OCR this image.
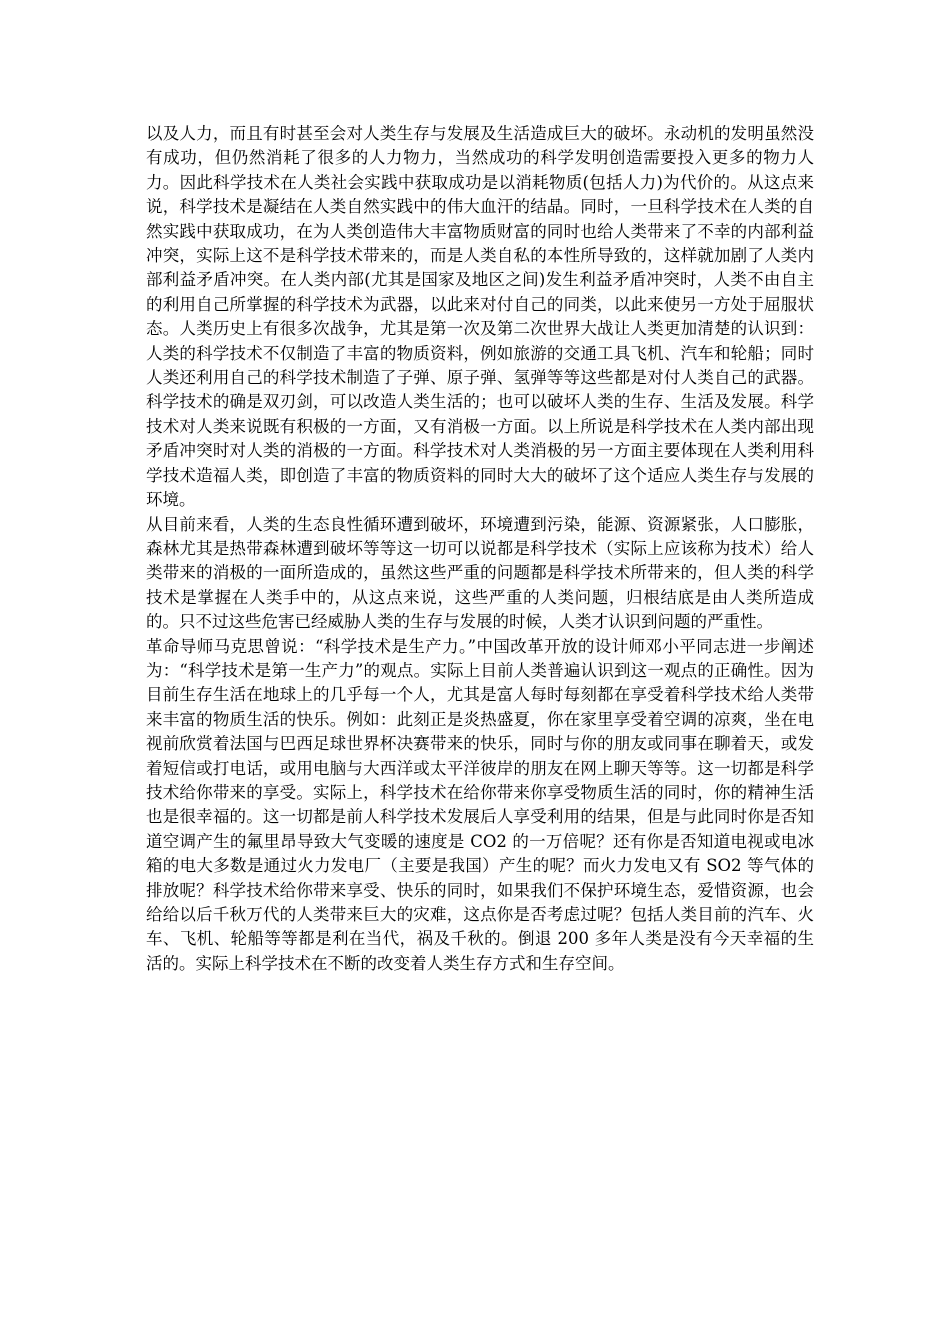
以及人力，而且有时甚至会对人类生存与发展及生活造成巨大的破坏。永动机的发明虽然没有成功，但仍然消耗了很多的人力物力，当然成功的科学发明创造需要投入更多的物力人力。因此科学技术在人类社会实践中获取成功是以消耗物质(包括人力)为代价的。从这点来说，科学技术是凝结在人类自然实践中的伟大血汗的结晶。同时，一旦科学技术在人类的自然实践中获取成功，在为人类创造伟大丰富物质财富的同时也给人类带来了不幸的内部利益冲突，实际上这不是科学技术带来的，而是人类自私的本性所导致的，这样就加剧了人类内部利益矛盾冲突。在人类内部(尤其是国家及地区之间)发生利益矛盾冲突时，人类不由自主的利用自己所掌握的科学技术为武器，以此来对付自己的同类，以此来使另一方处于屈服状态。人类历史上有很多次战争，尤其是第一次及第二次世界大战让人类更加清楚的认识到：人类的科学技术不仅制造了丰富的物质资料，例如旅游的交通工具飞机、汽车和轮船；同时人类还利用自己的科学技术制造了子弹、原子弹、氢弹等等这些都是对付人类自己的武器。科学技术的确是双刃剑，可以改造人类生活的；也可以破坏人类的生存、生活及发展。科学技术对人类来说既有积极的一方面，又有消极一方面。以上所说是科学技术在人类内部出现矛盾冲突时对人类的消极的一方面。科学技术对人类消极的另一方面主要体现在人类利用科学技术造福人类，即创造了丰富的物质资料的同时大大的破坏了这个适应人类生存与发展的环境。

从目前来看，人类的生态良性循环遭到破坏，环境遭到污染，能源、资源紧张，人口膨胀，森林尤其是热带森林遭到破坏等等这一切可以说都是科学技术（实际上应该称为技术）给人类带来的消极的一面所造成的，虽然这些严重的问题都是科学技术所带来的，但人类的科学技术是掌握在人类手中的，从这点来说，这些严重的人类问题，归根结底是由人类所造成的。只不过这些危害已经威胁人类的生存与发展的时候，人类才认识到问题的严重性。

革命导师马克思曾说：“科学技术是生产力。”中国改革开放的设计师邓小平同志进一步阐述为：“科学技术是第一生产力”的观点。实际上目前人类普遍认识到这一观点的正确性。因为目前生存生活在地球上的几乎每一个人，尤其是富人每时每刻都在享受着科学技术给人类带来丰富的物质生活的快乐。例如：此刻正是炎热盛夏，你在家里享受着空调的凉爽，坐在电视前欣赏着法国与巴西足球世界杯决赛带来的快乐，同时与你的朋友或同事在聊着天，或发着短信或打电话，或用电脑与大西洋或太平洋彼岸的朋友在网上聊天等等。这一切都是科学技术给你带来的享受。实际上，科学技术在给你带来你享受物质生活的同时，你的精神生活也是很幸福的。这一切都是前人科学技术发展后人享受利用的结果，但是与此同时你是否知道空调产生的氟里昂导致大气变暖的速度是 CO2 的一万倍呢？还有你是否知道电视或电冰箱的电大多数是通过火力发电厂（主要是我国）产生的呢？而火力发电又有 SO2 等气体的排放呢？科学技术给你带来享受、快乐的同时，如果我们不保护环境生态，爱惜资源，也会给给以后千秋万代的人类带来巨大的灾难，这点你是否考虑过呢？包括人类目前的汽车、火车、飞机、轮船等等都是利在当代，祸及千秋的。倒退 200 多年人类是没有今天幸福的生活的。实际上科学技术在不断的改变着人类生存方式和生存空间。
